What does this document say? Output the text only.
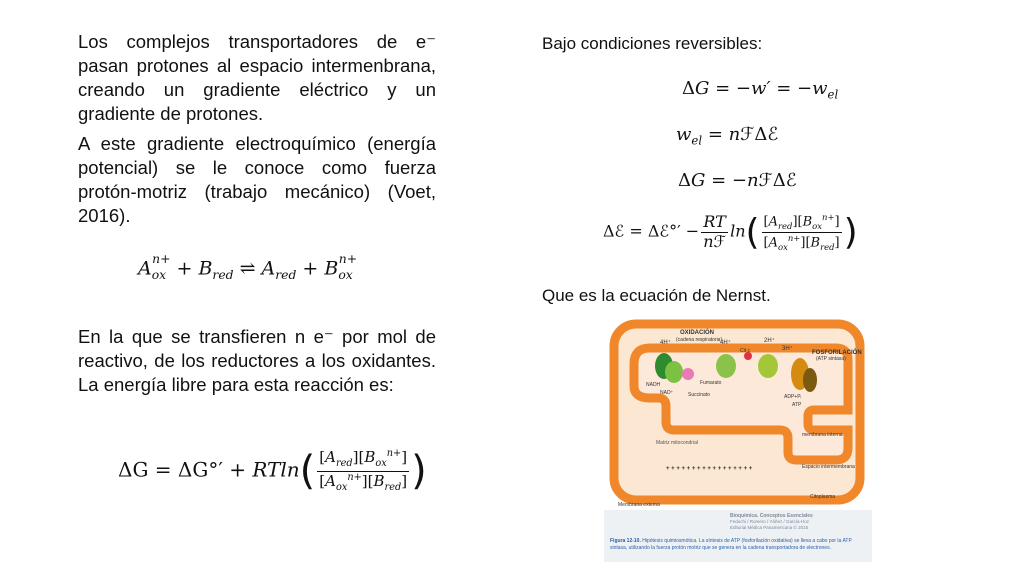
Los complejos transportadores de e⁻ pasan protones al espacio intermenbrana, creando un gradiente eléctrico y un gradiente de protones.
A este gradiente electroquímico (energía potencial) se le conoce como fuerza protón-motriz (trabajo mecánico) (Voet, 2016).
$A_{ox}^{n+} + B_{red}$ ⇌ $A_{red} + B_{ox}^{n+}$
En la que se transfieren n e⁻ por mol de reactivo, de los reductores a los oxidantes. La energía libre para esta reacción es:
$\Delta G = \Delta G^\circ' + RTln( \frac{[A_{red}][B_{ox}^{n+}]}{[A_{ox}^{n+}][B_{red}]}$ )
Bajo condiciones reversibles:
$\Delta G = -w' = -w_{el}$
$w_{el}$ = nℱΔℰ
ΔG = −nℱΔℰ
Δℰ = Δℰ°′ − $\frac{RT}{\text{nℱ}} \ln( \frac{[A_{red}][B_{ox}^{n+}]}{[A_{ox}^{n+}][B_{red}]}$ )
Que es la ecuación de Nernst.
OXIDACIÓN
(cadena respiratoria)
FOSFORILACIÓN
(ATP sintasa)
4H⁺	4H⁺	2H⁺
3H⁺
Cit c
NADH
NAD⁺
Fumarato
Succinato	ADP+Pᵢ
ATP
Matriz mitocondrial
membrana interna
+ + + + + + + + + + + + + + + + +	Espacio intermembrana
Membrana externa
Citoplasma
Bioquímica. Conceptos Esenciales
Feduchi / Romero / Yáñez / García-Hoz
Editorial Médica Panamericana © 2015
Figura 12-10. Hipótesis quimiosmótica. La síntesis de ATP (fosforilación oxidativa) se lleva a cabo por la ATP sintasa, utilizando la fuerza protón motriz que se genera en la cadena transportadora de electrones.
